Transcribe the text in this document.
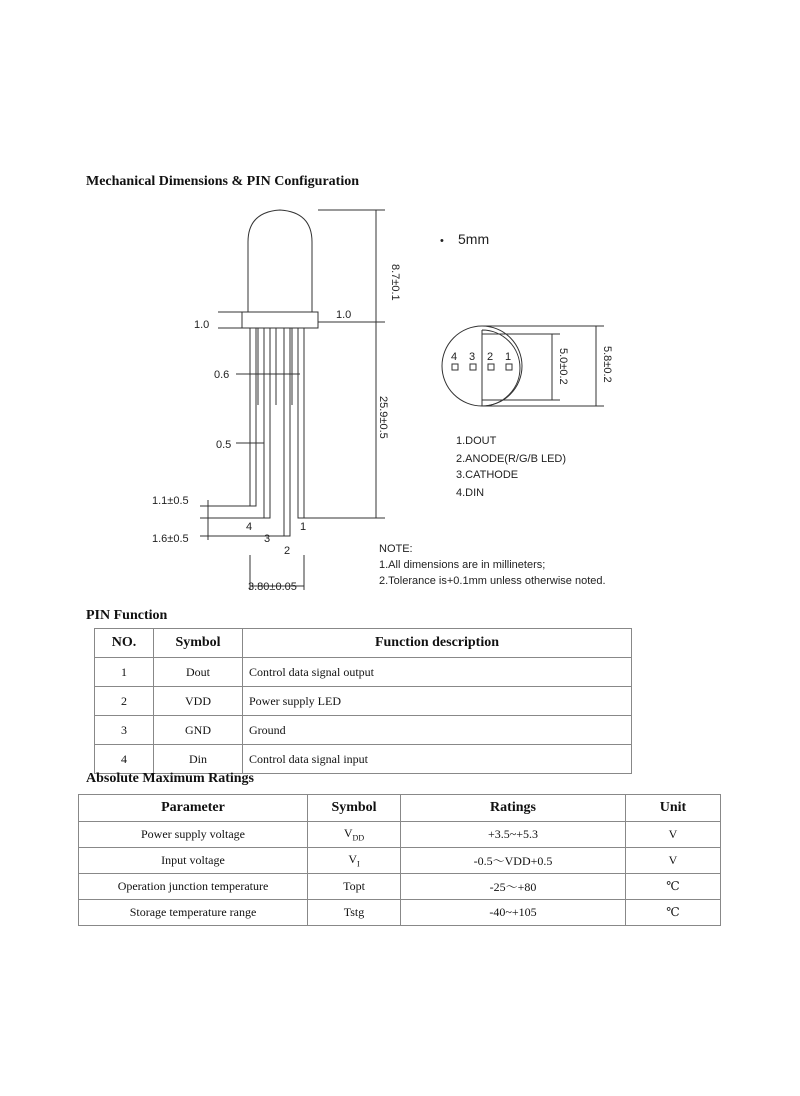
Mechanical Dimensions & PIN Configuration
8.7±0.1
1.0
1.0
0.6
0.5
25.9±0.5
1.1±0.5
1.6±0.5
3.80±0.05
4
3
2
1
• 5mm
4 3 2 1	5.0±0.2	5.8±0.2
1.DOUT
2.ANODE(R/G/B LED)
3.CATHODE
4.DIN
NOTE:
1.All dimensions are in millineters;
2.Tolerance is+0.1mm unless otherwise noted.
PIN Function
NO.	Symbol	Function description
1	Dout	Control data signal output
2	VDD	Power supply LED
3	GND	Ground
4	Din	Control data signal input
Absolute Maximum Ratings
Parameter	Symbol	Ratings	Unit
Power supply voltage	$V_{DD}$	+3.5~+5.3	V
Input voltage	$V_I$	-0.5～VDD+0.5	V
Operation junction temperature	Topt	-25～+80	℃
Storage temperature range	Tstg	-40~+105	℃
